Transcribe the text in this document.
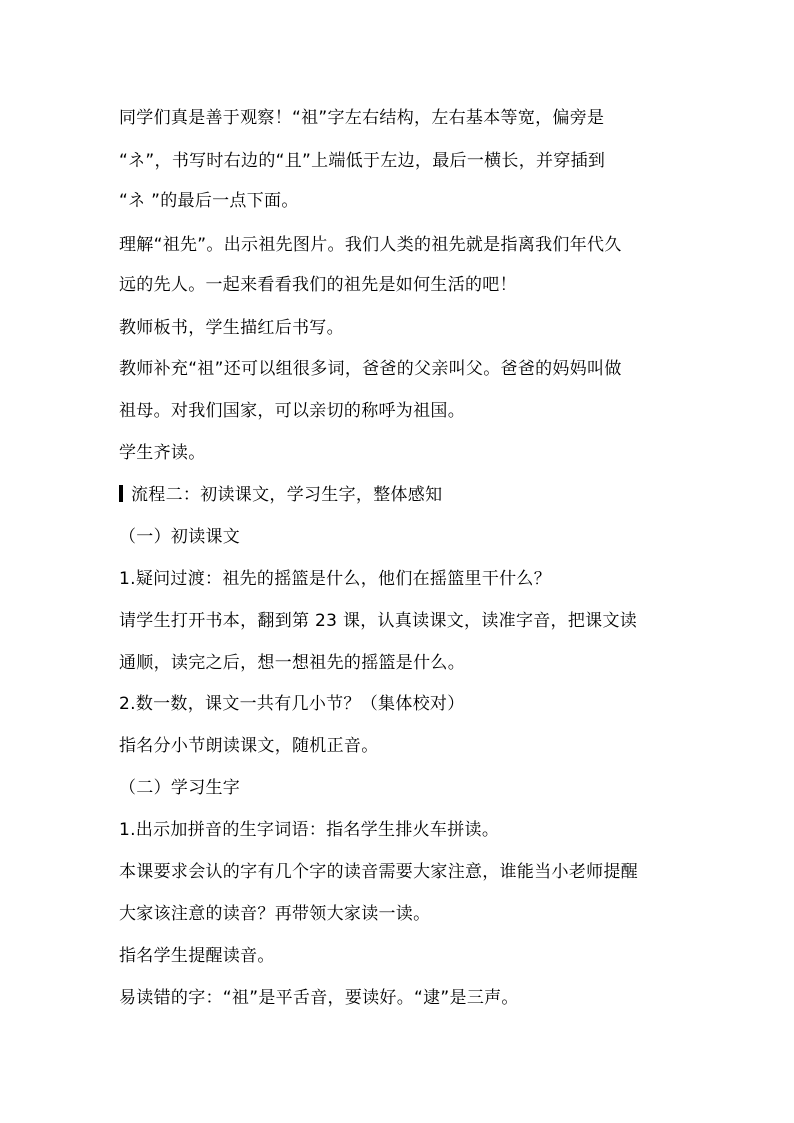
同学们真是善于观察！“祖”字左右结构，左右基本等宽，偏旁是
“ネ”，书写时右边的“且”上端低于左边，最后一横长，并穿插到
“ネ ”的最后一点下面。
理解“祖先”。出示祖先图片。我们人类的祖先就是指离我们年代久
远的先人。一起来看看我们的祖先是如何生活的吧！
教师板书，学生描红后书写。
教师补充“祖”还可以组很多词，爸爸的父亲叫父。爸爸的妈妈叫做
祖母。对我们国家，可以亲切的称呼为祖国。
学生齐读。
流程二：初读课文，学习生字，整体感知
（一）初读课文
1.疑问过渡：祖先的摇篮是什么，他们在摇篮里干什么？
请学生打开书本，翻到第 23 课，认真读课文，读准字音，把课文读
通顺，读完之后，想一想祖先的摇篮是什么。
2.数一数，课文一共有几小节？（集体校对）
指名分小节朗读课文，随机正音。
（二）学习生字
1.出示加拼音的生字词语：指名学生排火车拼读。
本课要求会认的字有几个字的读音需要大家注意，谁能当小老师提醒
大家该注意的读音？再带领大家读一读。
指名学生提醒读音。
易读错的字：“祖”是平舌音，要读好。“逮”是三声。
